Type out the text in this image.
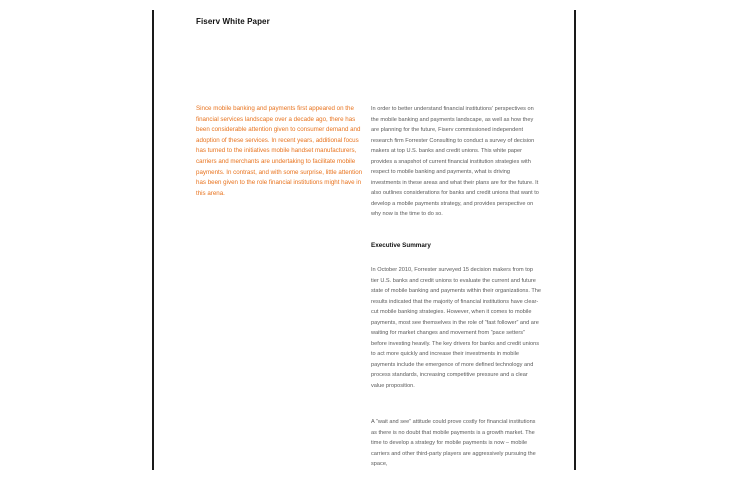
Fiserv White Paper

Since mobile banking and payments first appeared on the financial services landscape over a decade ago, there has been considerable attention given to consumer demand and adoption of these services. In recent years, additional focus has turned to the initiatives mobile handset manufacturers, carriers and merchants are undertaking to facilitate mobile payments. In contrast, and with some surprise, little attention has been given to the role financial institutions might have in this arena.

In order to better understand financial institutions' perspectives on the mobile banking and payments landscape, as well as how they are planning for the future, Fiserv commissioned independent research firm Forrester Consulting to conduct a survey of decision makers at top U.S. banks and credit unions. This white paper provides a snapshot of current financial institution strategies with respect to mobile banking and payments, what is driving investments in these areas and what their plans are for the future. It also outlines considerations for banks and credit unions that want to develop a mobile payments strategy, and provides perspective on why now is the time to do so.

Executive Summary

In October 2010, Forrester surveyed 15 decision makers from top tier U.S. banks and credit unions to evaluate the current and future state of mobile banking and payments within their organizations. The results indicated that the majority of financial institutions have clear-cut mobile banking strategies. However, when it comes to mobile payments, most see themselves in the role of “fast follower” and are waiting for market changes and movement from “pace setters” before investing heavily. The key drivers for banks and credit unions to act more quickly and increase their investments in mobile payments include the emergence of more defined technology and process standards, increasing competitive pressure and a clear value proposition.

A “wait and see” attitude could prove costly for financial institutions as there is no doubt that mobile payments is a growth market. The time to develop a strategy for mobile payments is now – mobile carriers and other third-party players are aggressively pursuing the space,
